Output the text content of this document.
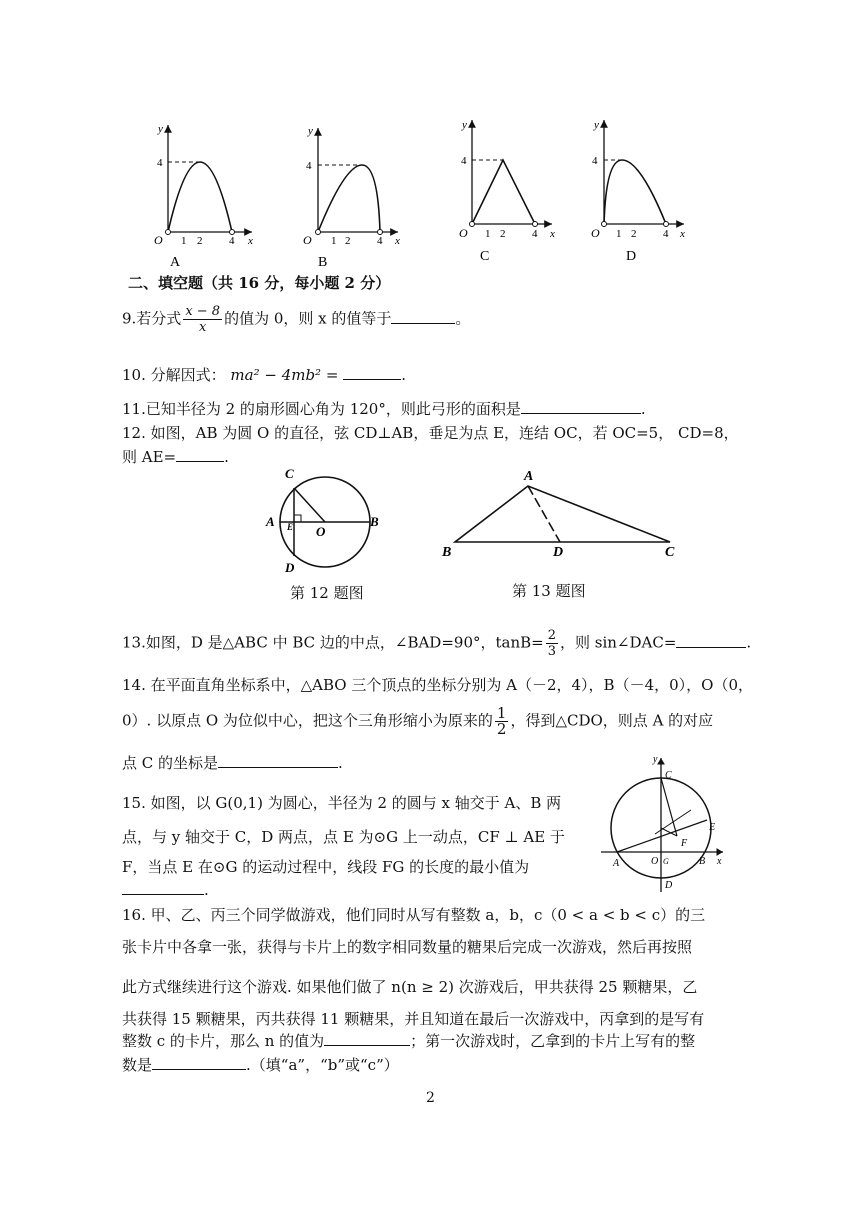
y
4
O 1 2 4 x
A
y
4
O 1 2 4 x
B
y
4
O 1 2 4 x
C
y
4
O 1 2 4 x
D
二、填空题（共 16 分，每小题 2 分）
9.若分式 $\frac{x - 8}{x}$ 的值为 0，则 x 的值等于	。
10. 分解因式： ma² − 4mb² =	.
11.已知半径为 2 的扇形圆心角为 120°，则此弓形的面积是	.
12. 如图，AB 为圆 O 的直径，弦 CD⊥AB，垂足为点 E，连结 OC，若 OC=5， CD=8，
则 AE=	.
C
A E O
B
D
A
B	D	C
第 12 题图	第 13 题图
13.如图，D 是△ABC 中 BC 边的中点，∠BAD=90°，$\tan B= \frac{2}{3}$ ，则 sin∠DAC=	.
14. 在平面直角坐标系中，△ABO 三个顶点的坐标分别为 A（－2，4），B（－4，0），O（0，
0）. 以原点 O 为位似中心，把这个三角形缩小为原来的 $\frac{1}{2}$ ，得到△CDO，则点 A 的对应
点 C 的坐标是	.
15. 如图，以 G(0,1) 为圆心，半径为 2 的圆与 x 轴交于 A、B 两
点，与 y 轴交于 C，D 两点，点 E 为⊙G 上一动点，CF ⊥ AE 于
F，当点 E 在⊙G 的运动过程中，线段 FG 的长度的最小值为
.
y
C
E
F
A	O G	B x
D
16. 甲、乙、丙三个同学做游戏，他们同时从写有整数 a，b，c（0 < a < b < c）的三
张卡片中各拿一张，获得与卡片上的数字相同数量的糖果后完成一次游戏，然后再按照
此方式继续进行这个游戏. 如果他们做了 n(n ≥ 2) 次游戏后，甲共获得 25 颗糖果，乙
共获得 15 颗糖果，丙共获得 11 颗糖果，并且知道在最后一次游戏中，丙拿到的是写有
整数 c 的卡片，那么 n 的值为	；第一次游戏时，乙拿到的卡片上写有的整
数是	.（填“a”，“b”或“c”）
2
